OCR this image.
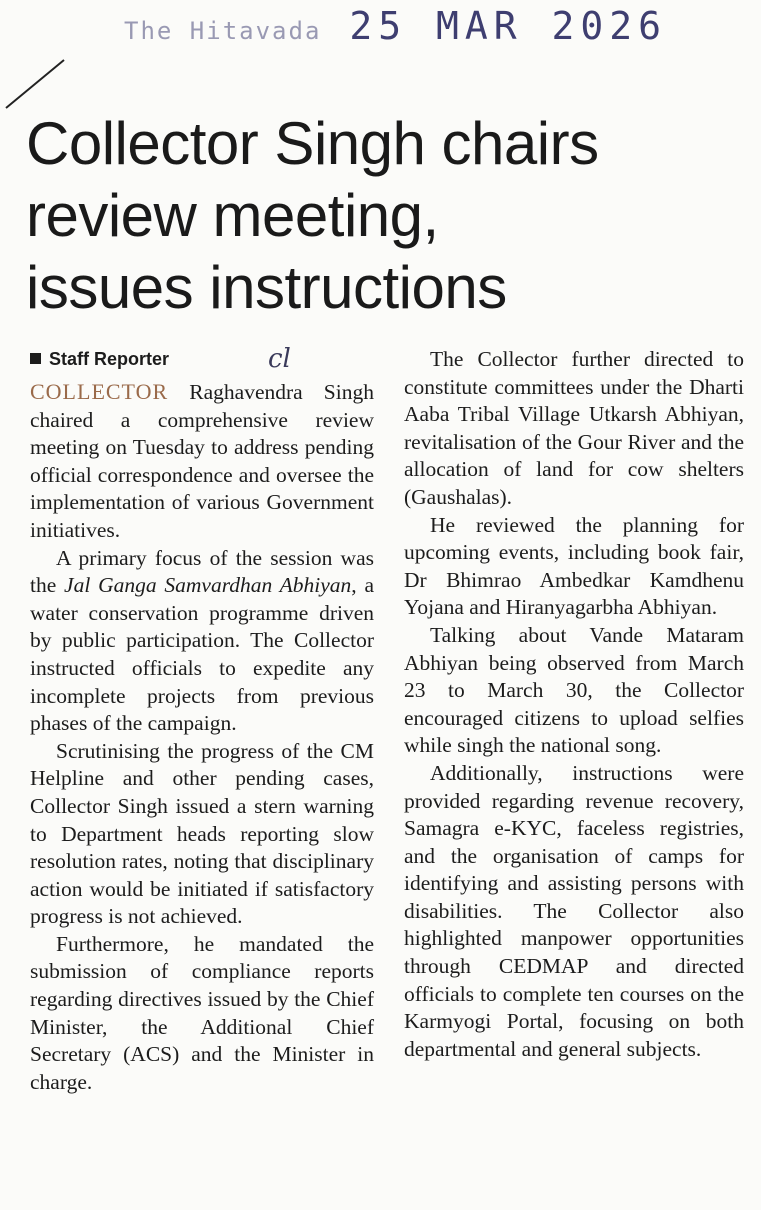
The Hitavada 25 MAR 2026
Collector Singh chairs
review meeting,
issues instructions
Staff Reporter	cl

COLLECTOR Raghavendra Singh chaired a comprehensive review meeting on Tuesday to address pending official correspondence and oversee the implementation of various Government initiatives.

A primary focus of the session was the Jal Ganga Samvardhan Abhiyan, a water conservation programme driven by public participation. The Collector instructed officials to expedite any incomplete projects from previous phases of the campaign.

Scrutinising the progress of the CM Helpline and other pending cases, Collector Singh issued a stern warning to Department heads reporting slow resolution rates, noting that disciplinary action would be initiated if satisfactory progress is not achieved.

Furthermore, he mandated the submission of compliance reports regarding directives issued by the Chief Minister, the Additional Chief Secretary (ACS) and the Minister in charge.

The Collector further directed to constitute committees under the Dharti Aaba Tribal Village Utkarsh Abhiyan, revitalisation of the Gour River and the allocation of land for cow shelters (Gaushalas).

He reviewed the planning for upcoming events, including book fair, Dr Bhimrao Ambedkar Kamdhenu Yojana and Hiranyagarbha Abhiyan.

Talking about Vande Mataram Abhiyan being observed from March 23 to March 30, the Collector encouraged citizens to upload selfies while singh the national song.

Additionally, instructions were provided regarding revenue recovery, Samagra e-KYC, faceless registries, and the organisation of camps for identifying and assisting persons with disabilities. The Collector also highlighted manpower opportunities through CEDMAP and directed officials to complete ten courses on the Karmyogi Portal, focusing on both departmental and general subjects.
